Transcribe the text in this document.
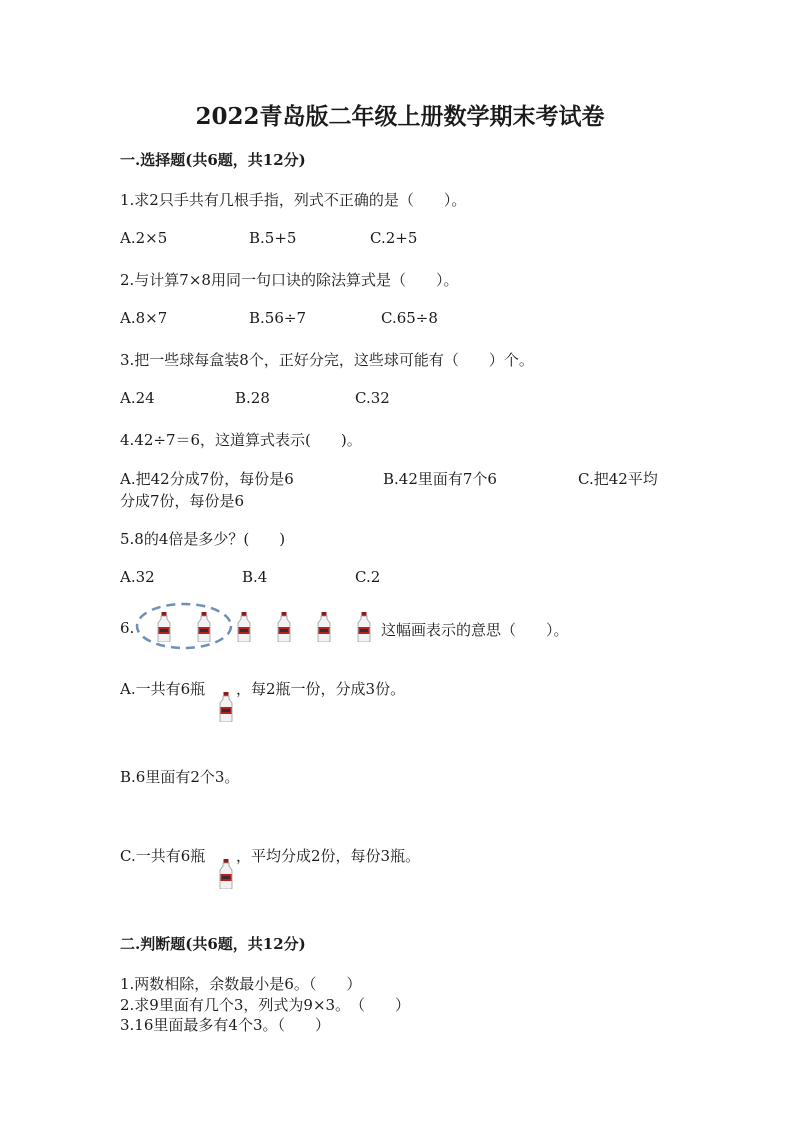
2022青岛版二年级上册数学期末考试卷
一.选择题(共6题，共12分)
1.求2只手共有几根手指，列式不正确的是（　　）。
A.2×5	B.5+5	C.2+5
2.与计算7×8用同一句口诀的除法算式是（　　）。
A.8×7	B.56÷7	C.65÷8
3.把一些球每盒装8个，正好分完，这些球可能有（　　）个。
A.24	B.28	C.32
4.42÷7＝6，这道算式表示(　　)。
A.把42分成7份，每份是6	B.42里面有7个6	C.把42平均
分成7份，每份是6
5.8的4倍是多少？(　　)
A.32	B.4	C.2
6.	这幅画表示的意思（　　）。
A.一共有6瓶 ，每2瓶一份，分成3份。
B.6里面有2个3。
C.一共有6瓶 ，平均分成2份，每份3瓶。
二.判断题(共6题，共12分)
1.两数相除，余数最小是6。（　　）
2.求9里面有几个3，列式为9×3。　（　　）
3.16里面最多有4个3。（　　）
